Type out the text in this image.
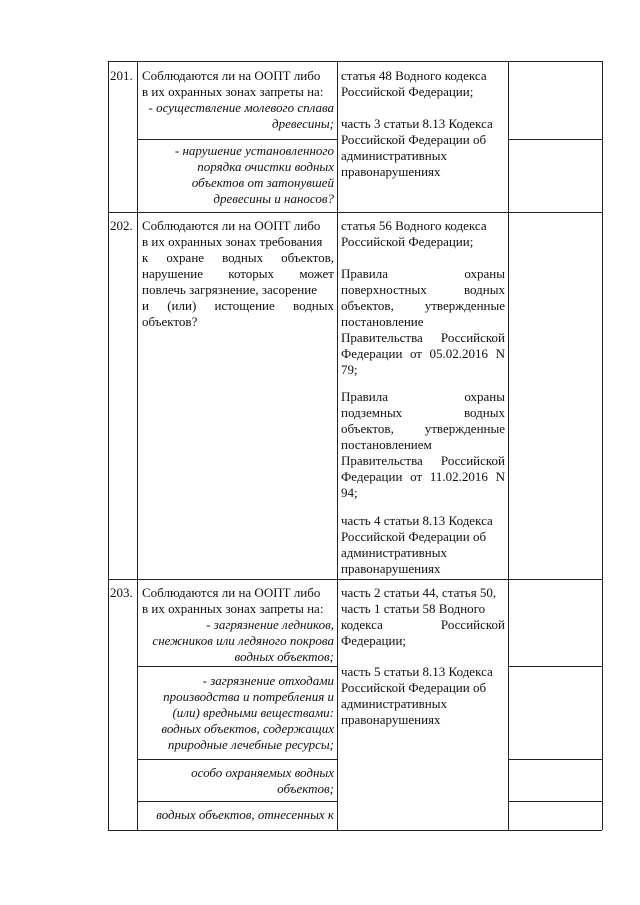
201. Соблюдаются ли на ООПТ либо
в их охранных зонах запреты на:
- осуществление молевого сплава
древесины;
- нарушение установленного
порядка очистки водных
объектов от затонувшей
древесины и наносов?
статья 48 Водного кодекса
Российской Федерации;
часть 3 статьи 8.13 Кодекса
Российской Федерации об
административных
правонарушениях
202. Соблюдаются ли на ООПТ либо
в их охранных зонах требования
к охране водных объектов,
нарушение которых может
повлечь загрязнение, засорение
и (или) истощение водных
объектов?
статья 56 Водного кодекса
Российской Федерации;
Правила охраны
поверхностных водных
объектов, утвержденные
постановление
Правительства Российской
Федерации от 05.02.2016 N
79;
Правила охраны
подземных водных
объектов, утвержденные
постановлением
Правительства Российской
Федерации от 11.02.2016 N
94;
часть 4 статьи 8.13 Кодекса
Российской Федерации об
административных
правонарушениях
203. Соблюдаются ли на ООПТ либо
в их охранных зонах запреты на:
- загрязнение ледников,
снежников или ледяного покрова
водных объектов;
- загрязнение отходами
производства и потребления и
(или) вредными веществами:
водных объектов, содержащих
природные лечебные ресурсы;
особо охраняемых водных
объектов;
водных объектов, отнесенных к
часть 2 статьи 44, статья 50,
часть 1 статьи 58 Водного
кодекса Российской
Федерации;
часть 5 статьи 8.13 Кодекса
Российской Федерации об
административных
правонарушениях
